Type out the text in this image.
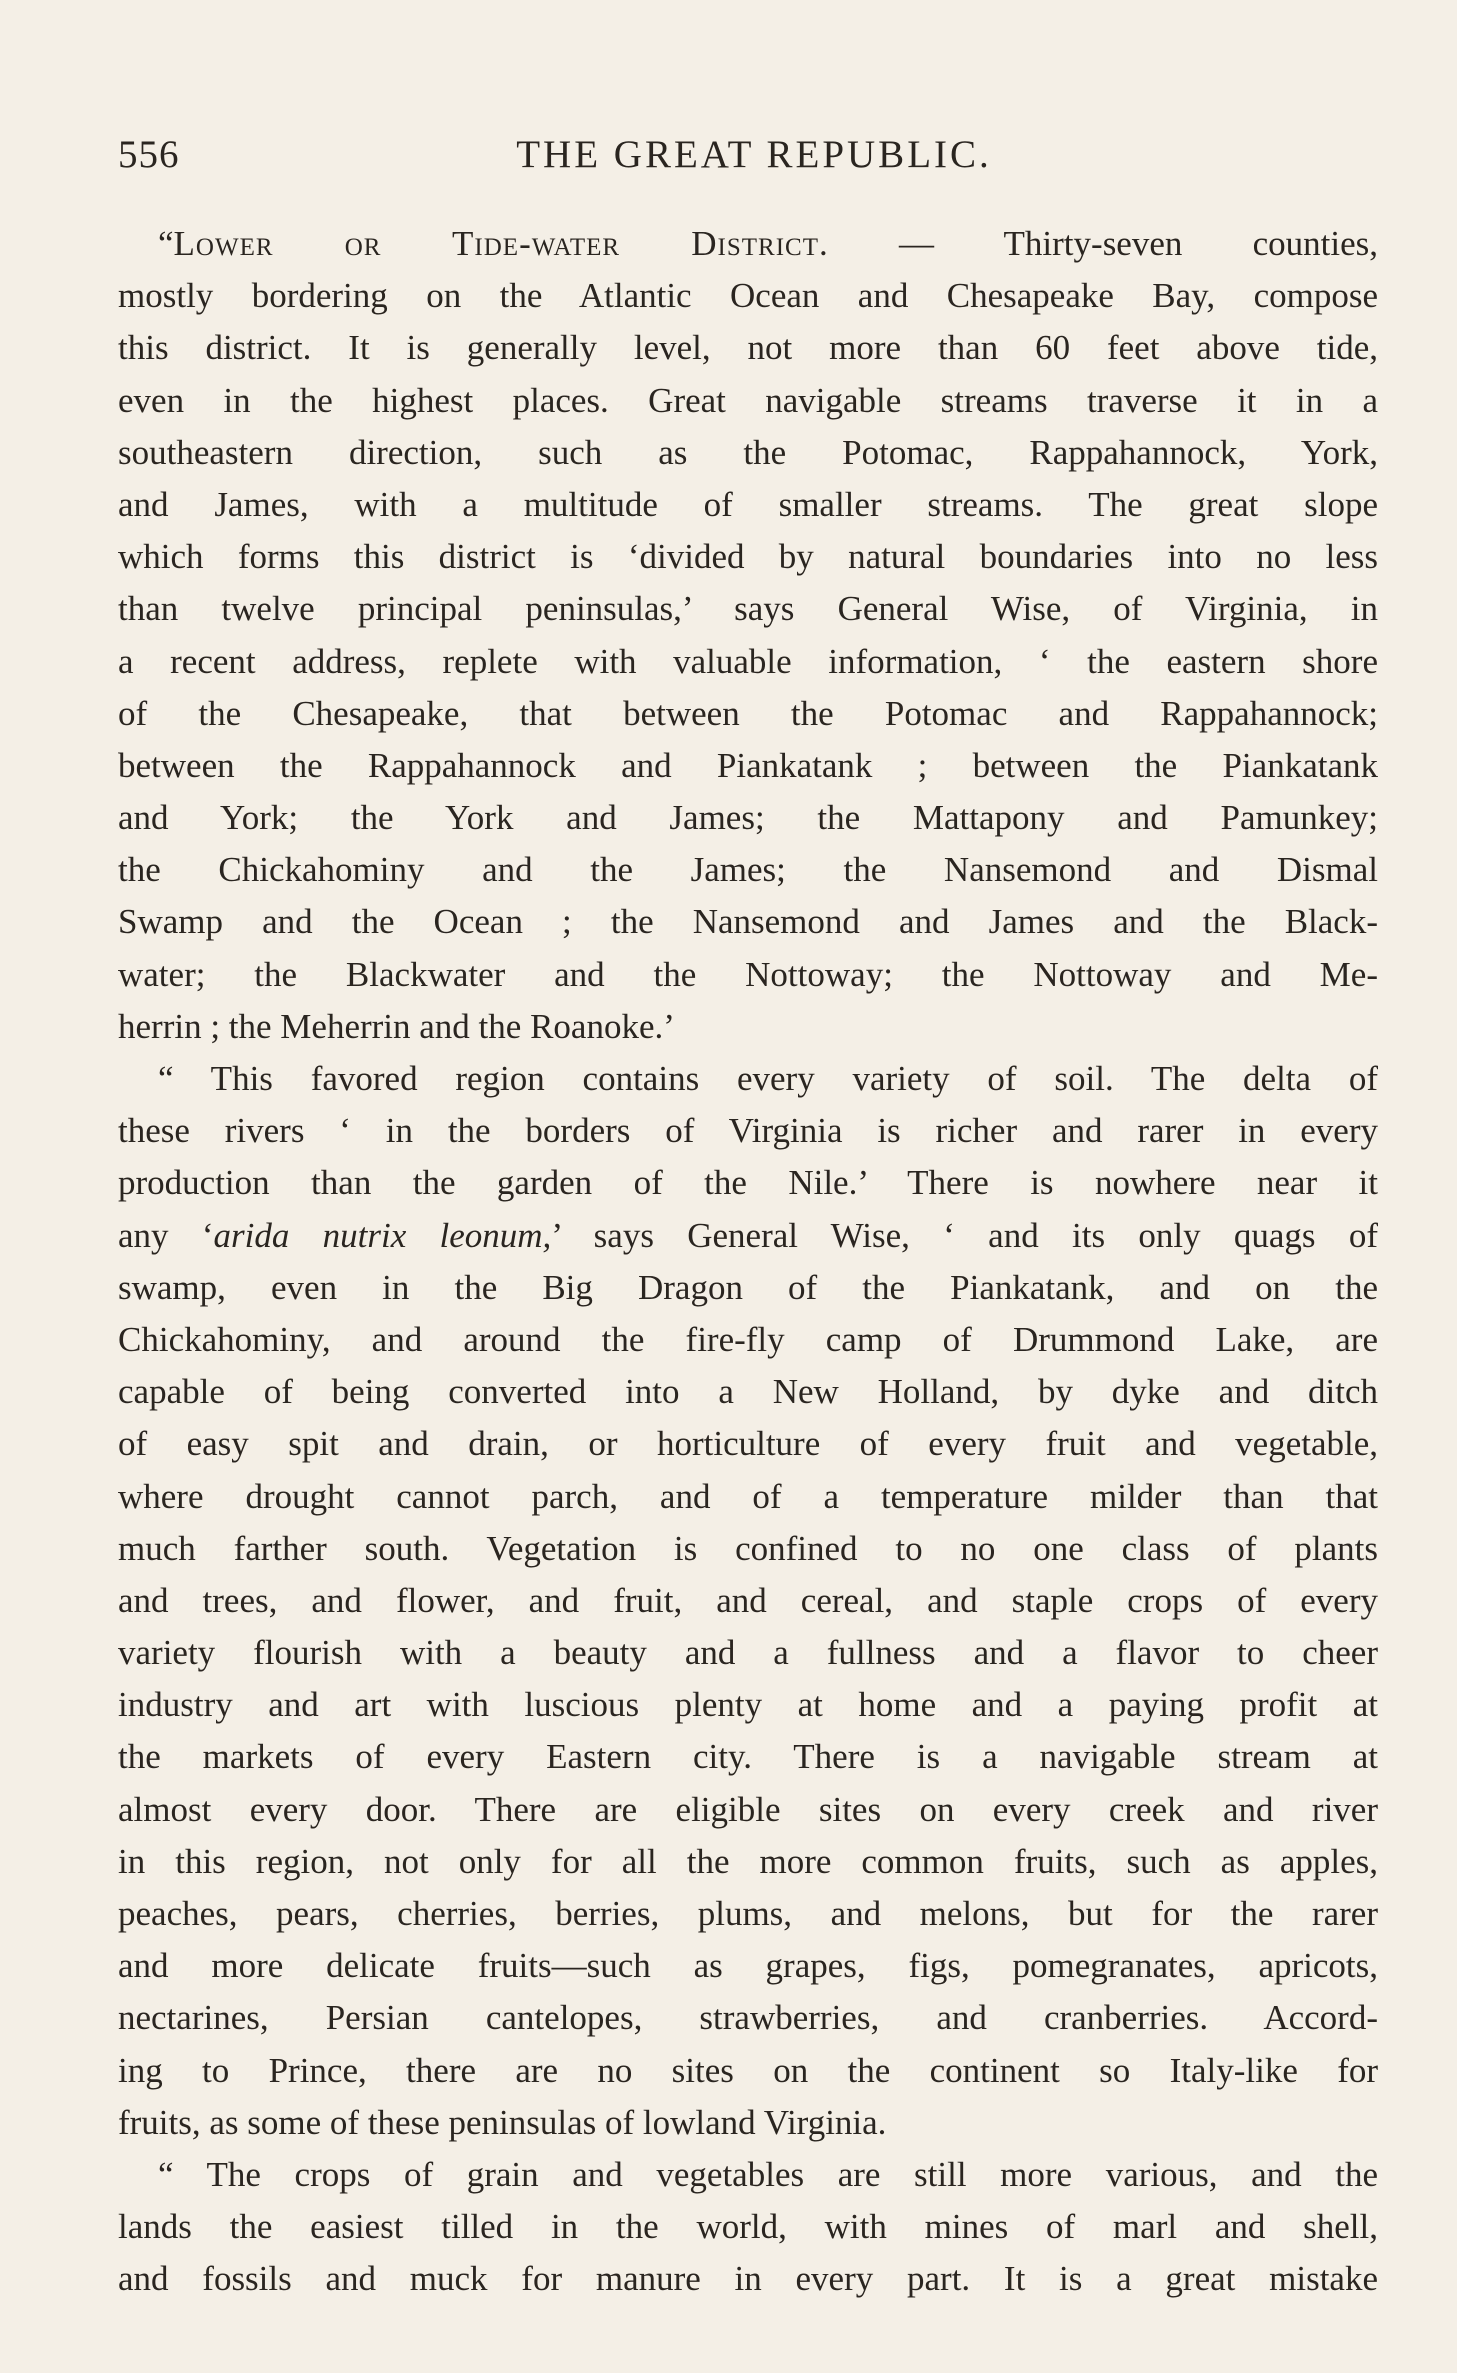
556	THE GREAT REPUBLIC.
“Lower or Tide-water District. — Thirty-seven counties,
mostly bordering on the Atlantic Ocean and Chesapeake Bay, compose
this district. It is generally level, not more than 60 feet above tide,
even in the highest places. Great navigable streams traverse it in a
southeastern direction, such as the Potomac, Rappahannock, York,
and James, with a multitude of smaller streams. The great slope
which forms this district is ‘divided by natural boundaries into no less
than twelve principal peninsulas,’ says General Wise, of Virginia, in
a recent address, replete with valuable information, ‘ the eastern shore
of the Chesapeake, that between the Potomac and Rappahannock;
between the Rappahannock and Piankatank ; between the Piankatank
and York; the York and James; the Mattapony and Pamunkey;
the Chickahominy and the James; the Nansemond and Dismal
Swamp and the Ocean ; the Nansemond and James and the Black-
water; the Blackwater and the Nottoway; the Nottoway and Me-
herrin ; the Meherrin and the Roanoke.’
“ This favored region contains every variety of soil. The delta of
these rivers ‘ in the borders of Virginia is richer and rarer in every
production than the garden of the Nile.’ There is nowhere near it
any ‘arida nutrix leonum,’ says General Wise, ‘ and its only quags of
swamp, even in the Big Dragon of the Piankatank, and on the
Chickahominy, and around the fire-fly camp of Drummond Lake, are
capable of being converted into a New Holland, by dyke and ditch
of easy spit and drain, or horticulture of every fruit and vegetable,
where drought cannot parch, and of a temperature milder than that
much farther south. Vegetation is confined to no one class of plants
and trees, and flower, and fruit, and cereal, and staple crops of every
variety flourish with a beauty and a fullness and a flavor to cheer
industry and art with luscious plenty at home and a paying profit at
the markets of every Eastern city. There is a navigable stream at
almost every door. There are eligible sites on every creek and river
in this region, not only for all the more common fruits, such as apples,
peaches, pears, cherries, berries, plums, and melons, but for the rarer
and more delicate fruits—such as grapes, figs, pomegranates, apricots,
nectarines, Persian cantelopes, strawberries, and cranberries. Accord-
ing to Prince, there are no sites on the continent so Italy-like for
fruits, as some of these peninsulas of lowland Virginia.
“ The crops of grain and vegetables are still more various, and the
lands the easiest tilled in the world, with mines of marl and shell,
and fossils and muck for manure in every part. It is a great mistake
